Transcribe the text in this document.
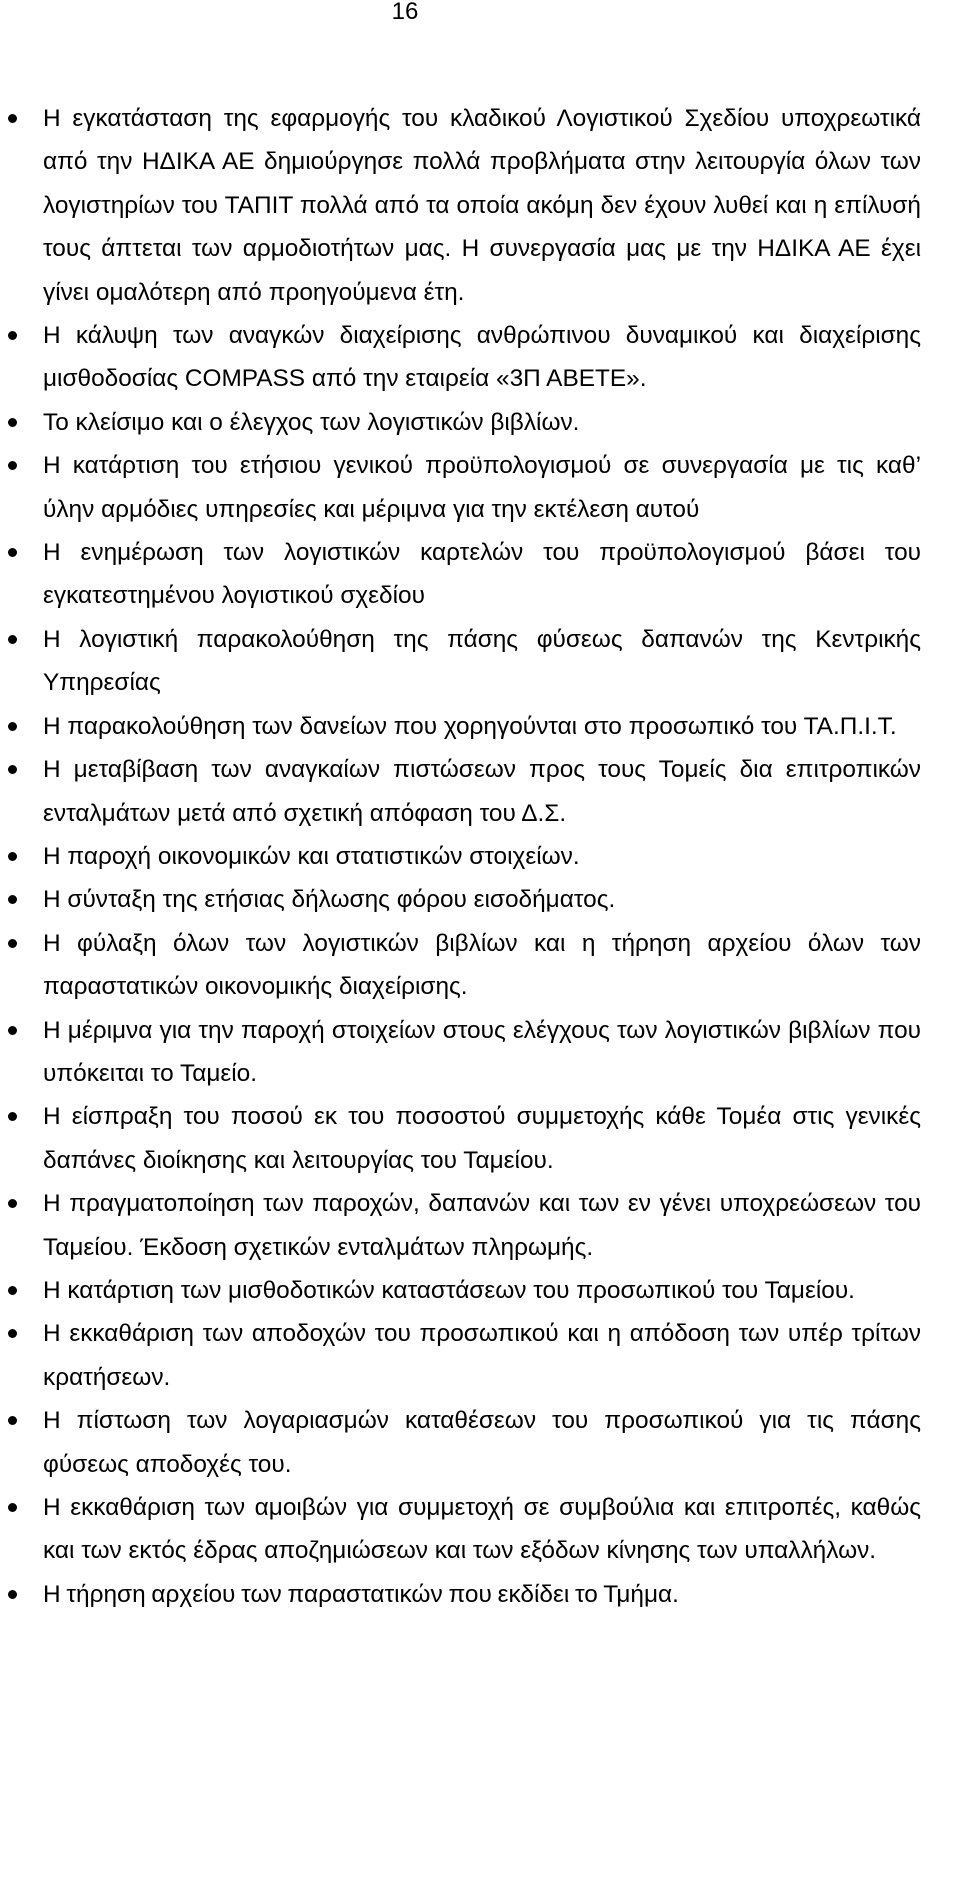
16
Η εγκατάσταση της εφαρμογής του κλαδικού Λογιστικού Σχεδίου υποχρεωτικά από την ΗΔΙΚΑ ΑΕ δημιούργησε πολλά προβλήματα στην λειτουργία όλων των λογιστηρίων του ΤΑΠΙΤ πολλά από τα οποία ακόμη δεν έχουν λυθεί και η επίλυσή τους άπτεται των αρμοδιοτήτων μας. Η συνεργασία μας με την ΗΔΙΚΑ ΑΕ έχει γίνει ομαλότερη από προηγούμενα έτη.
Η κάλυψη των αναγκών διαχείρισης ανθρώπινου δυναμικού και διαχείρισης μισθοδοσίας COMPASS από την εταιρεία «3Π ΑΒΕΤΕ».
Το κλείσιμο και ο έλεγχος των λογιστικών βιβλίων.
Η κατάρτιση του ετήσιου γενικού προϋπολογισμού σε συνεργασία με τις καθ’ ύλην αρμόδιες υπηρεσίες και μέριμνα για την εκτέλεση αυτού
Η ενημέρωση των λογιστικών καρτελών του προϋπολογισμού βάσει του εγκατεστημένου λογιστικού σχεδίου
Η λογιστική παρακολούθηση της πάσης φύσεως δαπανών της Κεντρικής Υπηρεσίας
Η παρακολούθηση των δανείων που χορηγούνται στο προσωπικό του ΤΑ.Π.Ι.Τ.
Η μεταβίβαση των αναγκαίων πιστώσεων προς τους Τομείς δια επιτροπικών ενταλμάτων μετά από σχετική απόφαση του Δ.Σ.
Η παροχή οικονομικών και στατιστικών στοιχείων.
Η σύνταξη της ετήσιας δήλωσης φόρου εισοδήματος.
Η φύλαξη όλων των λογιστικών βιβλίων και η τήρηση αρχείου όλων των παραστατικών οικονομικής διαχείρισης.
Η μέριμνα για την παροχή στοιχείων στους ελέγχους των λογιστικών βιβλίων που υπόκειται το Ταμείο.
Η είσπραξη του ποσού εκ του ποσοστού συμμετοχής κάθε Τομέα στις γενικές δαπάνες διοίκησης και λειτουργίας του Ταμείου.
Η πραγματοποίηση των παροχών, δαπανών και των εν γένει υποχρεώσεων του Ταμείου. Έκδοση σχετικών ενταλμάτων πληρωμής.
Η κατάρτιση των μισθοδοτικών καταστάσεων του προσωπικού του Ταμείου.
Η εκκαθάριση των αποδοχών του προσωπικού και η απόδοση των υπέρ τρίτων κρατήσεων.
Η πίστωση των λογαριασμών καταθέσεων του προσωπικού για τις πάσης φύσεως αποδοχές του.
Η εκκαθάριση των αμοιβών για συμμετοχή σε συμβούλια και επιτροπές, καθώς και των εκτός έδρας αποζημιώσεων και των εξόδων κίνησης των υπαλλήλων.
Η τήρηση αρχείου των παραστατικών που εκδίδει το Τμήμα.
